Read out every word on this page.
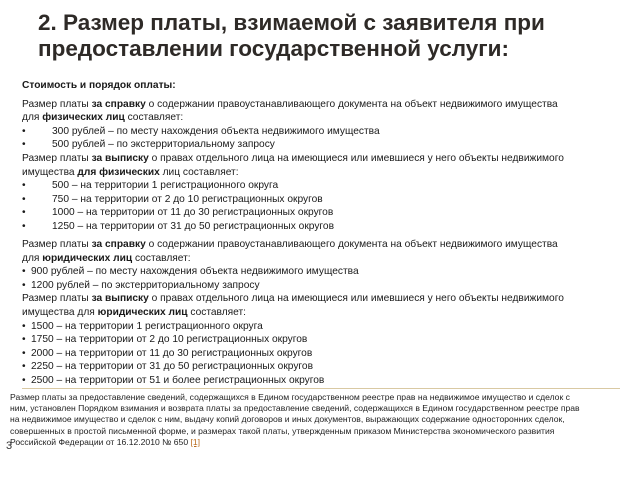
2. Размер платы, взимаемой с заявителя при
предоставлении государственной услуги:

Стоимость и порядок оплаты:

Размер платы за справку о содержании правоустанавливающего документа на объект недвижимого имущества

для физических лиц составляет:

•	300 рублей – по месту нахождения объекта недвижимого имущества

•	500 рублей – по экстерриториальному запросу

Размер платы за выписку о правах отдельного лица на имеющиеся или имевшиеся у него объекты недвижимого

имущества для физических лиц составляет:

•	500 – на территории 1 регистрационного округа

•	750 – на территории от 2 до 10 регистрационных округов

•	1000 – на территории от 11 до 30 регистрационных округов

•	1250 – на территории от 31 до 50 регистрационных округов

Размер платы за справку о содержании правоустанавливающего документа на объект недвижимого имущества

для юридических лиц составляет:

• 900 рублей – по месту нахождения объекта недвижимого имущества

• 1200 рублей – по экстерриториальному запросу

Размер платы за выписку о правах отдельного лица на имеющиеся или имевшиеся у него объекты недвижимого

имущества для юридических лиц составляет:

• 1500 – на территории 1 регистрационного округа

• 1750 – на территории от 2 до 10 регистрационных округов

• 2000 – на территории от 11 до 30 регистрационных округов

• 2250 – на территории от 31 до 50 регистрационных округов

• 2500 – на территории от 51 и более регистрационных округов

Размер платы за предоставление сведений, содержащихся в Едином государственном реестре прав на недвижимое имущество и сделок с

ним, установлен Порядком взимания и возврата платы за предоставление сведений, содержащихся в Едином государственном реестре прав

на недвижимое имущество и сделок с ним, выдачу копий договоров и иных документов, выражающих содержание односторонних сделок,

совершенных в простой письменной форме, и размерах такой платы, утвержденным приказом Министерства экономического развития

Российской Федерации от 16.12.2010 № 650 [1]

3
